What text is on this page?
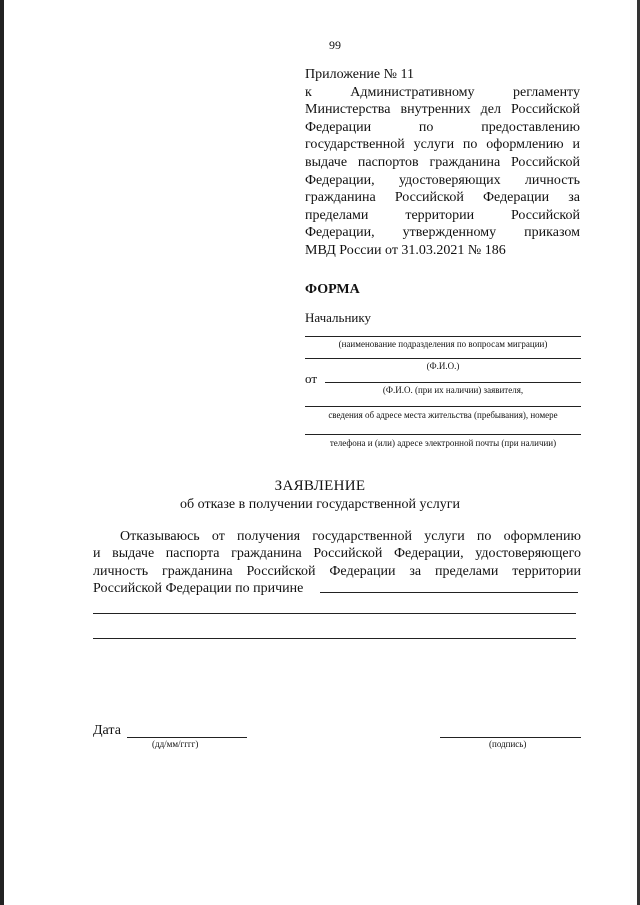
99
Приложение № 11
к Административному регламенту
Министерства внутренних дел Российской
Федерации по предоставлению
государственной услуги по оформлению и
выдаче паспортов гражданина Российской
Федерации, удостоверяющих личность
гражданина Российской Федерации за
пределами территории Российской
Федерации, утвержденному приказом
МВД России от 31.03.2021 № 186
ФОРМА
Начальнику
(наименование подразделения по вопросам миграции)
(Ф.И.О.)
от
(Ф.И.О. (при их наличии) заявителя,
сведения об адресе места жительства (пребывания), номере
телефона и (или) адресе электронной почты (при наличии)
ЗАЯВЛЕНИЕ
об отказе в получении государственной услуги
Отказываюсь от получения государственной услуги по оформлению
и выдаче паспорта гражданина Российской Федерации, удостоверяющего
личность гражданина Российской Федерации за пределами территории
Российской Федерации по причине
Дата
(дд/мм/гггг)	(подпись)
